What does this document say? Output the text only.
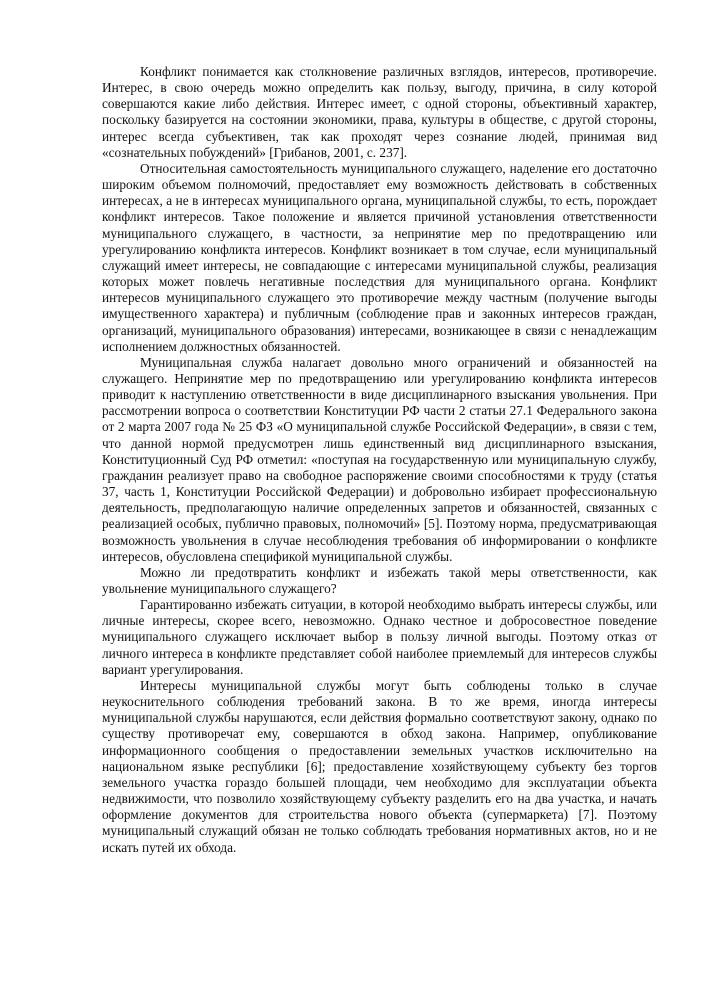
Конфликт понимается как столкновение различных взглядов, интересов, противоречие. Интерес, в свою очередь можно определить как пользу, выгоду, причина, в силу которой совершаются какие либо действия. Интерес имеет, с одной стороны, объективный характер, поскольку базируется на состоянии экономики, права, культуры в обществе, с другой стороны, интерес всегда субъективен, так как проходят через сознание людей, принимая вид «сознательных побуждений» [Грибанов, 2001, с. 237].

Относительная самостоятельность муниципального служащего, наделение его достаточно широким объемом полномочий, предоставляет ему возможность действовать в собственных интересах, а не в интересах муниципального органа, муниципальной службы, то есть, порождает конфликт интересов. Такое положение и является причиной установления ответственности муниципального служащего, в частности, за непринятие мер по предотвращению или урегулированию конфликта интересов. Конфликт возникает в том случае, если муниципальный служащий имеет интересы, не совпадающие с интересами муниципальной службы, реализация которых может повлечь негативные последствия для муниципального органа. Конфликт интересов муниципального служащего это противоречие между частным (получение выгоды имущественного характера) и публичным (соблюдение прав и законных интересов граждан, организаций, муниципального образования) интересами, возникающее в связи с ненадлежащим исполнением должностных обязанностей.

Муниципальная служба налагает довольно много ограничений и обязанностей на служащего. Непринятие мер по предотвращению или урегулированию конфликта интересов приводит к наступлению ответственности в виде дисциплинарного взыскания увольнения. При рассмотрении вопроса о соответствии Конституции РФ части 2 статьи 27.1 Федерального закона от 2 марта 2007 года № 25 ФЗ «О муниципальной службе Российской Федерации», в связи с тем, что данной нормой предусмотрен лишь единственный вид дисциплинарного взыскания, Конституционный Суд РФ отметил: «поступая на государственную или муниципальную службу, гражданин реализует право на свободное распоряжение своими способностями к труду (статья 37, часть 1, Конституции Российской Федерации) и добровольно избирает профессиональную деятельность, предполагающую наличие определенных запретов и обязанностей, связанных с реализацией особых, публично правовых, полномочий» [5]. Поэтому норма, предусматривающая возможность увольнения в случае несоблюдения требования об информировании о конфликте интересов, обусловлена спецификой муниципальной службы.

Можно ли предотвратить конфликт и избежать такой меры ответственности, как увольнение муниципального служащего?

Гарантированно избежать ситуации, в которой необходимо выбрать интересы службы, или личные интересы, скорее всего, невозможно. Однако честное и добросовестное поведение муниципального служащего исключает выбор в пользу личной выгоды. Поэтому отказ от личного интереса в конфликте представляет собой наиболее приемлемый для интересов службы вариант урегулирования.

Интересы муниципальной службы могут быть соблюдены только в случае неукоснительного соблюдения требований закона. В то же время, иногда интересы муниципальной службы нарушаются, если действия формально соответствуют закону, однако по существу противоречат ему, совершаются в обход закона. Например, опубликование информационного сообщения о предоставлении земельных участков исключительно на национальном языке республики [6]; предоставление хозяйствующему субъекту без торгов земельного участка гораздо большей площади, чем необходимо для эксплуатации объекта недвижимости, что позволило хозяйствующему субъекту разделить его на два участка, и начать оформление документов для строительства нового объекта (супермаркета) [7]. Поэтому муниципальный служащий обязан не только соблюдать требования нормативных актов, но и не искать путей их обхода.
